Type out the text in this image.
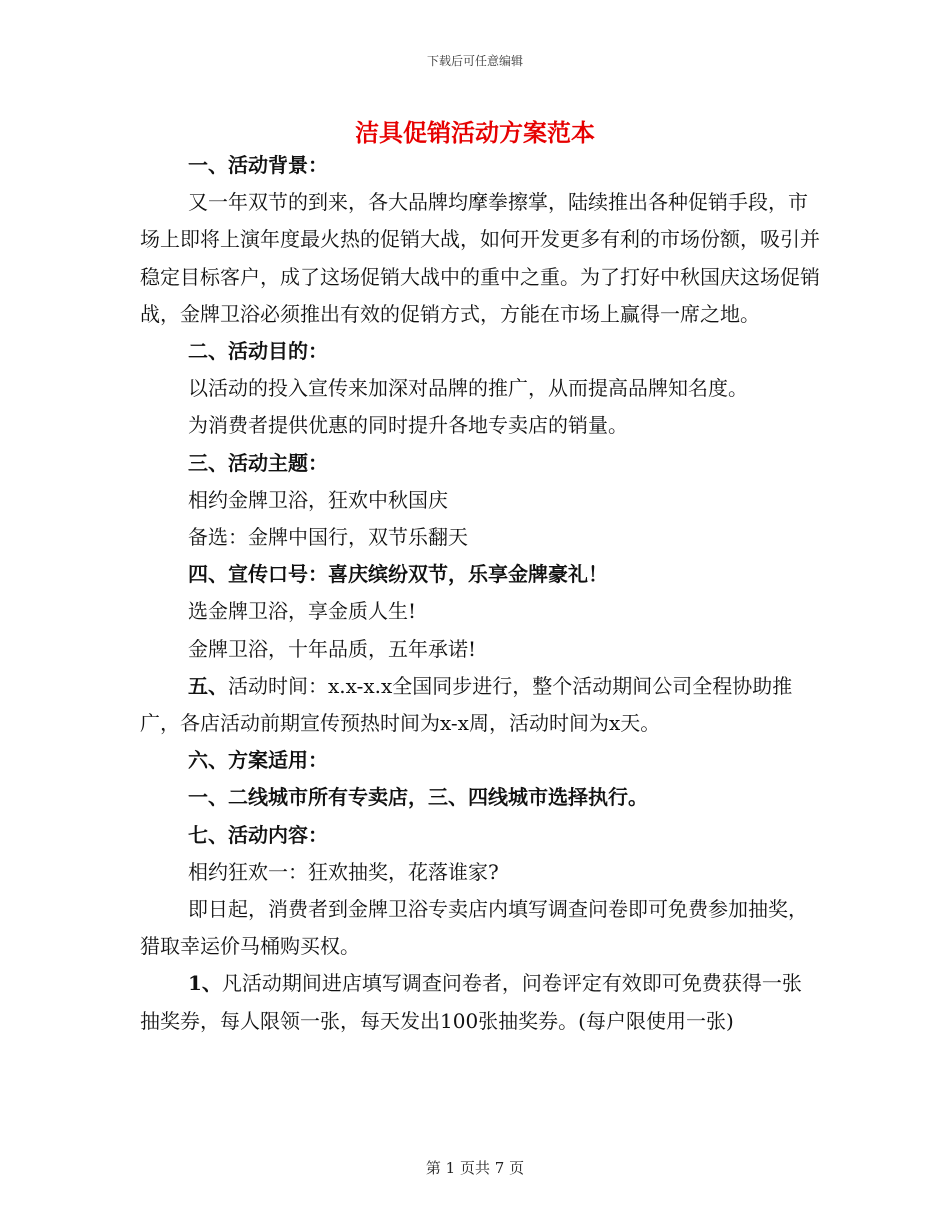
下载后可任意编辑
洁具促销活动方案范本

一、活动背景：

又一年双节的到来，各大品牌均摩拳擦掌，陆续推出各种促销手段，市场上即将上演年度最火热的促销大战，如何开发更多有利的市场份额，吸引并稳定目标客户，成了这场促销大战中的重中之重。为了打好中秋国庆这场促销战，金牌卫浴必须推出有效的促销方式，方能在市场上赢得一席之地。

二、活动目的：

以活动的投入宣传来加深对品牌的推广，从而提高品牌知名度。

为消费者提供优惠的同时提升各地专卖店的销量。

三、活动主题：

相约金牌卫浴，狂欢中秋国庆

备选：金牌中国行，双节乐翻天

四、宣传口号：喜庆缤纷双节，乐享金牌豪礼！

选金牌卫浴，享金质人生!

金牌卫浴，十年品质，五年承诺!

五、活动时间：x.x-x.x全国同步进行，整个活动期间公司全程协助推广，各店活动前期宣传预热时间为x-x周，活动时间为x天。

六、方案适用：

一、二线城市所有专卖店，三、四线城市选择执行。

七、活动内容：

相约狂欢一：狂欢抽奖，花落谁家?

即日起，消费者到金牌卫浴专卖店内填写调查问卷即可免费参加抽奖，猎取幸运价马桶购买权。

1、凡活动期间进店填写调查问卷者，问卷评定有效即可免费获得一张抽奖券，每人限领一张，每天发出100张抽奖券。(每户限使用一张)

第 1 页共 7 页
